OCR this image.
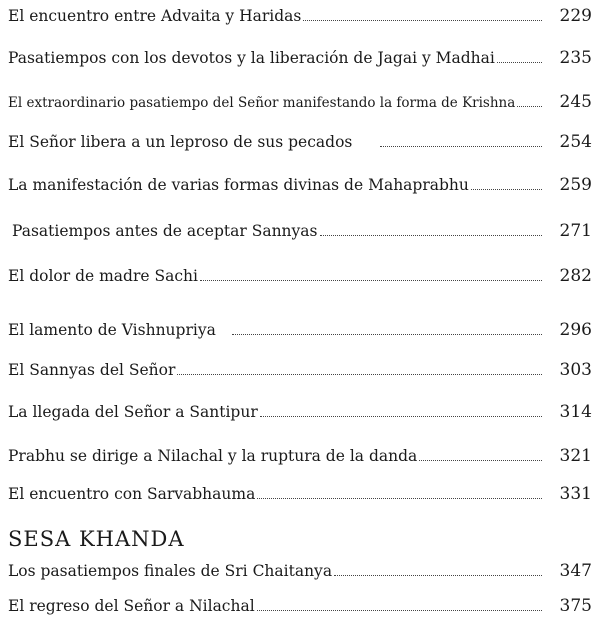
El encuentro entre Advaita y Haridas	229
Pasatiempos con los devotos y la liberación de Jagai y Madhai	235
El extraordinario pasatiempo del Señor manifestando la forma de Krishna	245
El Señor libera a un leproso de sus pecados	254
La manifestación de varias formas divinas de Mahaprabhu	259
Pasatiempos antes de aceptar Sannyas	271
El dolor de madre Sachi	282
El lamento de Vishnupriya	296
El Sannyas del Señor	303
La llegada del Señor a Santipur	314
Prabhu se dirige a Nilachal y la ruptura de la danda	321
El encuentro con Sarvabhauma	331
SESA KHANDA
Los pasatiempos finales de Sri Chaitanya	347
El regreso del Señor a Nilachal	375
